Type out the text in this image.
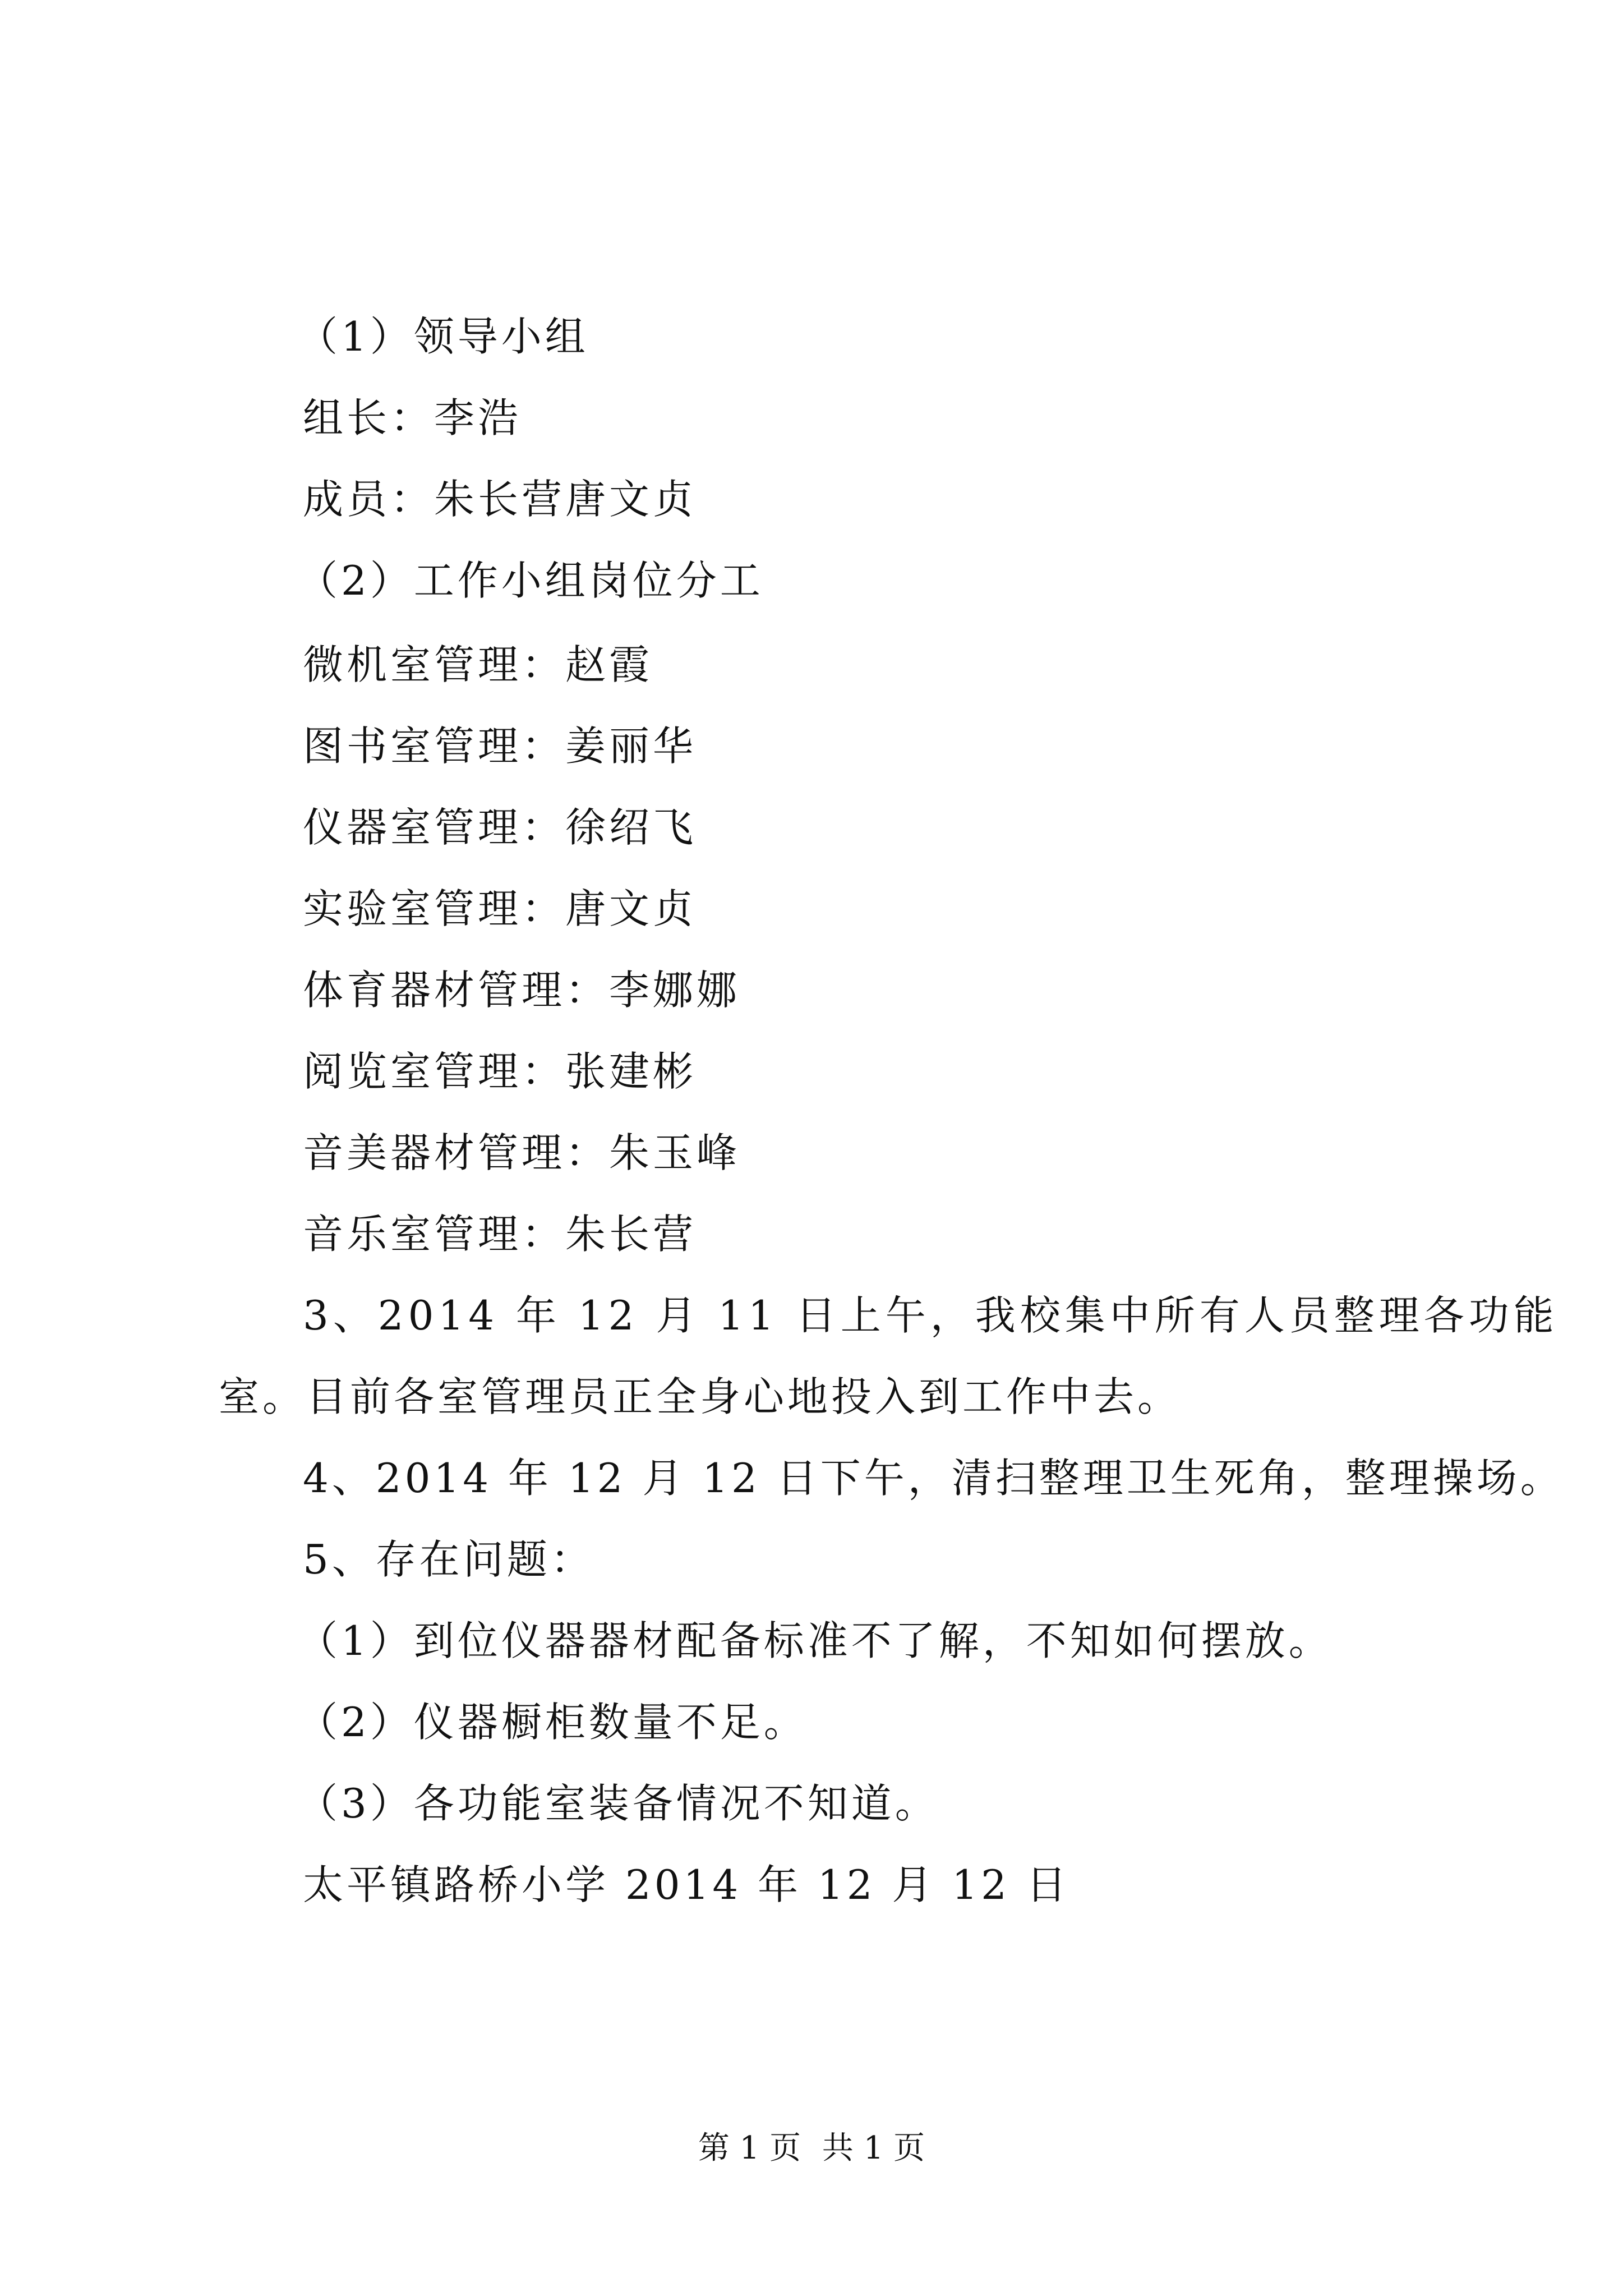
（1）领导小组
组长：李浩
成员：朱长营唐文贞
（2）工作小组岗位分工
微机室管理：赵霞
图书室管理：姜丽华
仪器室管理：徐绍飞
实验室管理：唐文贞
体育器材管理：李娜娜
阅览室管理：张建彬
音美器材管理：朱玉峰
音乐室管理：朱长营
3、2014 年 12 月 11 日上午，我校集中所有人员整理各功能
室。目前各室管理员正全身心地投入到工作中去。
4、2014 年 12 月 12 日下午，清扫整理卫生死角，整理操场。
5、存在问题：
（1）到位仪器器材配备标准不了解，不知如何摆放。
（2）仪器橱柜数量不足。
（3）各功能室装备情况不知道。
太平镇路桥小学 2014 年 12 月 12 日
第 1 页 共 1 页
